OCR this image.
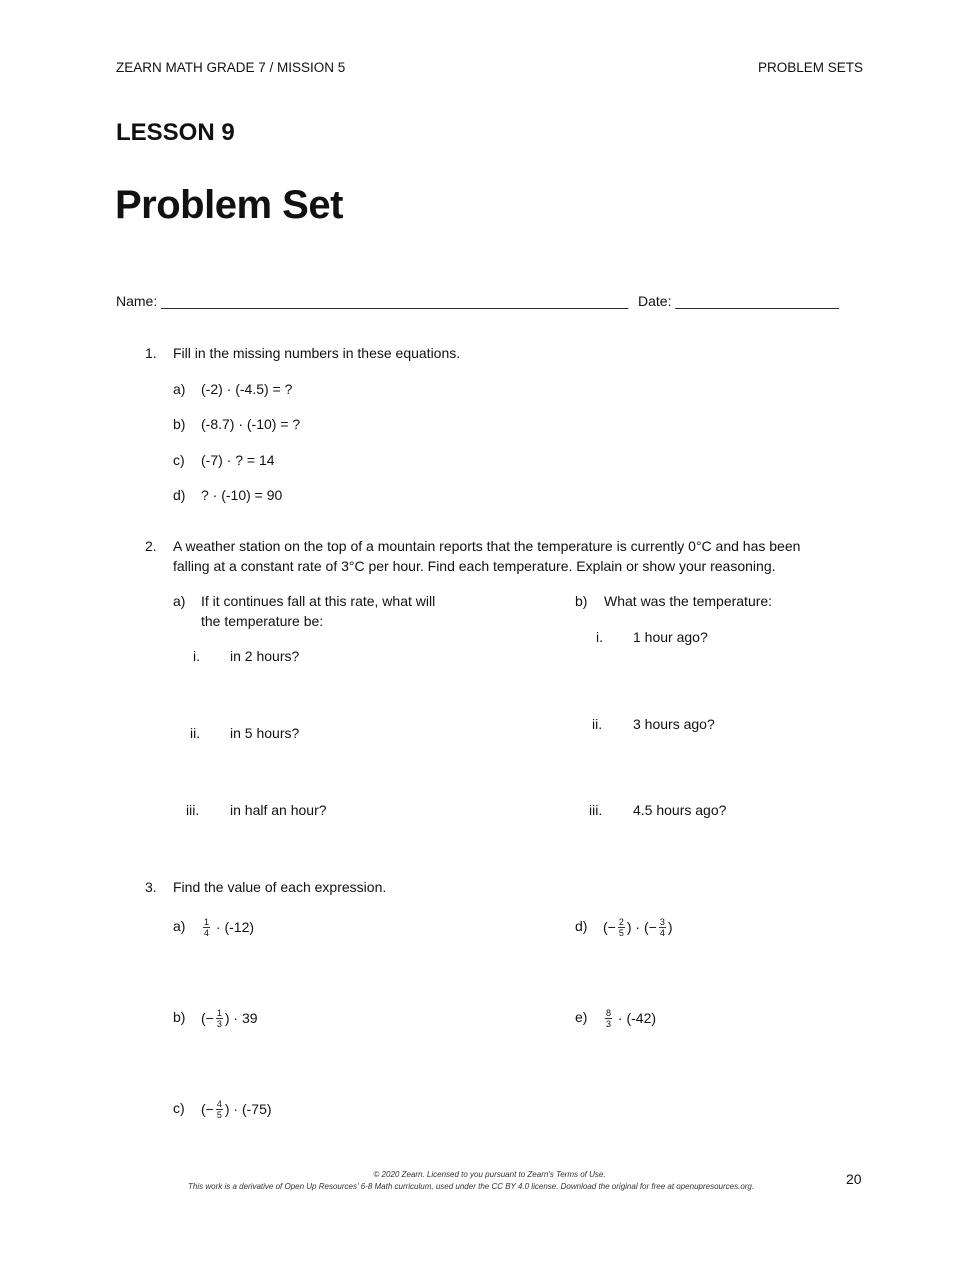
ZEARN MATH GRADE 7 / MISSION 5	PROBLEM SETS
LESSON 9
Problem Set
Name: ____________________________________________________________ Date: _____________________
1. Fill in the missing numbers in these equations.
2. A weather station on the top of a mountain reports that the temperature is currently 0°C and has been
falling at a constant rate of 3°C per hour. Find each temperature. Explain or show your reasoning.
a) If it continues fall at this rate, what will
the temperature be:
b) What was the temperature:
3. Find the value of each expression.
© 2020 Zearn. Licensed to you pursuant to Zearn's Terms of Use.
This work is a derivative of Open Up Resources' 6-8 Math curriculum, used under the CC BY 4.0 license. Download the original for free at openupresources.org.	20
a) (-2) · (-4.5) = ?
b) (-8.7) · (-10) = ?
c) (-7) · ? = 14
d) ? · (-10) = 90
i. in 2 hours?
ii. in 5 hours?
iii. in half an hour?
i. 1 hour ago?
ii. 3 hours ago?
iii. 4.5 hours ago?
$a) \frac{1}{4} \cdot (-12)$
b) (− $\frac{1}{3}$ ) · 39
c) (− $\frac{4}{5}$ ) · (-75)
d) (− $\frac{2}{5}$ ) · (− $\frac{3}{4}$ )
$e) \frac{8}{3} \cdot (-42)$
